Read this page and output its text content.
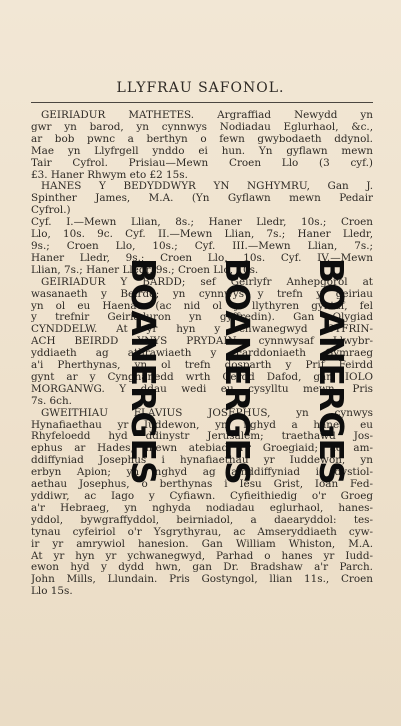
LLYFRAU SAFONOL.
GEIRIADUR MATHETES. Argraffiad Newydd yn
gwr yn barod, yn cynnwys Nodiadau Eglurhaol, &c.,
ar bob pwnc a berthyn o fewn gwybodaeth ddynol.
Mae yn Llyfrgell ynddo ei hun. Yn gyflawn mewn
Tair Cyfrol. Prisiau—Mewn Croen Llo (3 cyf.)
£3. Haner Rhwym eto £2 15s.
HANES Y BEDYDDWYR YN NGHYMRU, Gan J.
Spinther James, M.A. (Yn Gyflawn mewn Pedair
Cyfrol.)
Cyf. I.—Mewn Llian, 8s.; Haner Lledr, 10s.; Croen
Llo, 10s. 9c. Cyf. II.—Mewn Llian, 7s.; Haner Lledr,
9s.; Croen Llo, 10s.; Cyf. III.—Mewn Llian, 7s.;
Haner Lledr, 9s.; Croen Llo, 10s. Cyf. IV.—Mewn
Llian, 7s.; Haner Lledr, 9s.; Croen Llo, 10s.
GEIRIADUR Y BARDD; sef Geirlyfr Anhepgorol at
wasanaeth y Beirdd; yn cynnwys y trefn y geiriau
yn ol eu Haenau (ac nid ol y llythyren gyntaf, fel
y trefnir Geiriaduron yn gyffredin). Gan Olygiad
CYNDDELW. At yr hyn y chwanegwyd CYFRIN-
ACH BEIRDD YNYS PRYDAIN: cynnwysaf Llwybr-
yddiaeth ag athrawiaeth y Farddoniaeth Gymraeg
a'i Pherthynas, yn ol trefn dosparth y Prif Feirdd
gynt ar y Cynghanedd wrth Cerdd Dafod, gan IOLO
MORGANWG. Y ddau wedi eu cysylltu mewn, Pris
7s. 6ch.
GWEITHIAU FLAVIUS JOSEPHUS, yn cynwys
Hynafiaethau yr Iuddewon, yn nghyd a hanes eu
Rhyfeloedd hyd ddinystr Jerusalem; traethawd Jos-
ephus ar Hades, mewn atebiad i'r Groegiaid; ac am-
ddiffyniad Josephus i hynafiaethau yr Iuddewon, yn
erbyn Apion; yn nghyd ag amddiffyniad i dystiol-
aethau Josephus, o berthynas i Iesu Grist, Ioan Fed-
yddiwr, ac Iago y Cyfiawn. Cyfieithiedig o'r Groeg
a'r Hebraeg, yn nghyda nodiadau eglurhaol, hanes-
yddol, bywgraffyddol, beirniadol, a daearyddol: tes-
tynau cyfeiriol o'r Ysgrythyrau, ac Amseryddiaeth cyw-
ir yr amrywiol hanesion. Gan William Whiston, M.A.
At yr hyn yr ychwanegwyd, Parhad o hanes yr Iudd-
ewon hyd y dydd hwn, gan Dr. Bradshaw a'r Parch.
John Mills, Llundain. Pris Gostyngol, llian 11s., Croen
Llo 15s.
BOANERGES BOANERGES BOANERGES
